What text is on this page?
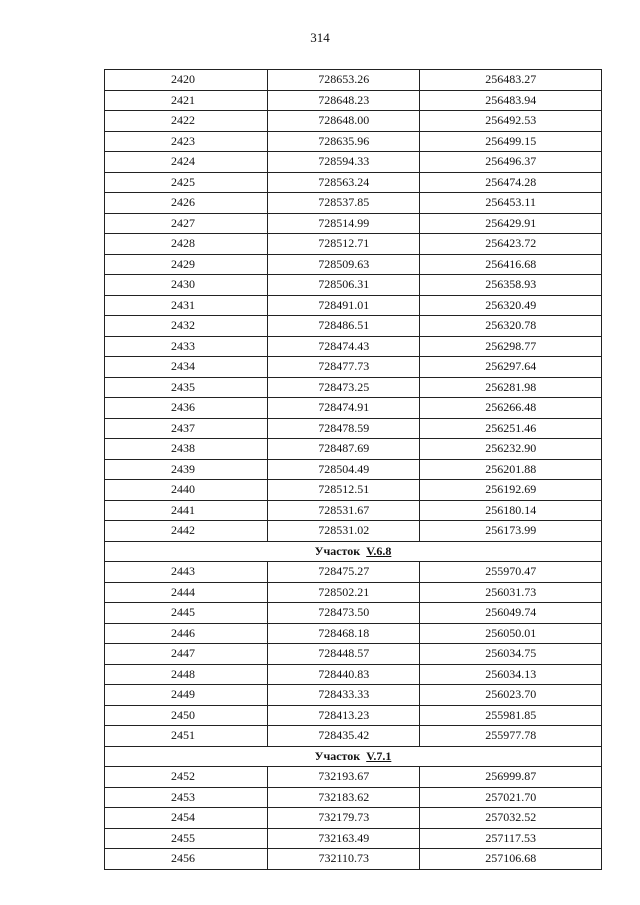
314
2420	728653.26	256483.27
2421	728648.23	256483.94
2422	728648.00	256492.53
2423	728635.96	256499.15
2424	728594.33	256496.37
2425	728563.24	256474.28
2426	728537.85	256453.11
2427	728514.99	256429.91
2428	728512.71	256423.72
2429	728509.63	256416.68
2430	728506.31	256358.93
2431	728491.01	256320.49
2432	728486.51	256320.78
2433	728474.43	256298.77
2434	728477.73	256297.64
2435	728473.25	256281.98
2436	728474.91	256266.48
2437	728478.59	256251.46
2438	728487.69	256232.90
2439	728504.49	256201.88
2440	728512.51	256192.69
2441	728531.67	256180.14
2442	728531.02	256173.99
Участок V.6.8		
2443	728475.27	255970.47
2444	728502.21	256031.73
2445	728473.50	256049.74
2446	728468.18	256050.01
2447	728448.57	256034.75
2448	728440.83	256034.13
2449	728433.33	256023.70
2450	728413.23	255981.85
2451	728435.42	255977.78
Участок V.7.1		
2452	732193.67	256999.87
2453	732183.62	257021.70
2454	732179.73	257032.52
2455	732163.49	257117.53
2456	732110.73	257106.68
